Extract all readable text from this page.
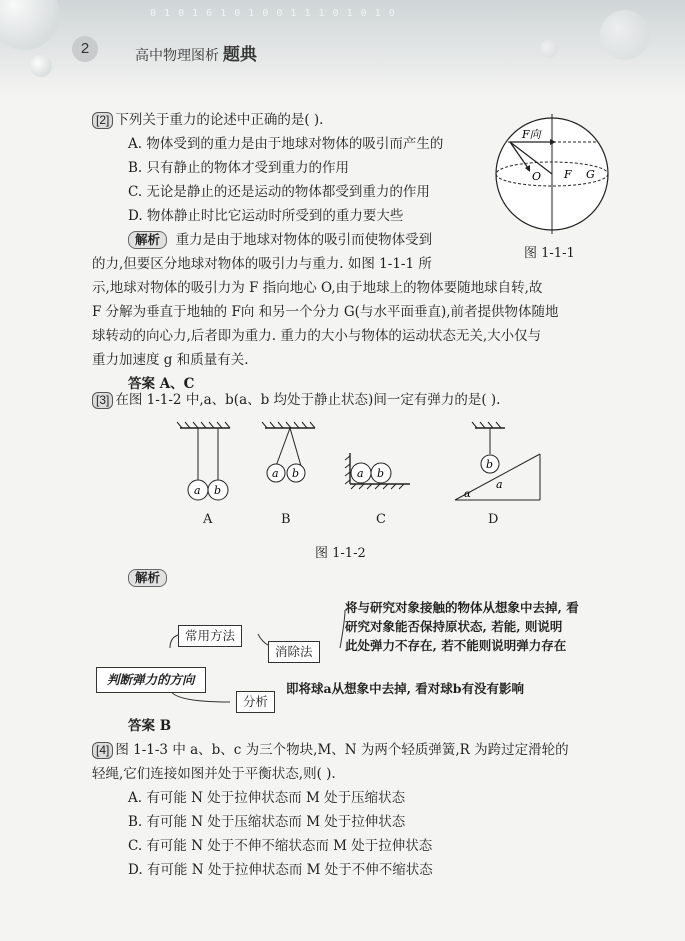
0 1 0 1 6 1 0 1 0 0 1 1 1 0 1 0 1 0
2	高中物理图析 题典
[2] 下列关于重力的论述中正确的是( ).
A. 物体受到的重力是由于地球对物体的吸引而产生的
B. 只有静止的物体才受到重力的作用
C. 无论是静止的还是运动的物体都受到重力的作用
D. 物体静止时比它运动时所受到的重力要大些
解析 重力是由于地球对物体的吸引而使物体受到
的力,但要区分地球对物体的吸引力与重力. 如图 1-1-1 所
示,地球对物体的吸引力为 F 指向地心 O,由于地球上的物体要随地球自转,故
F 分解为垂直于地轴的 F向 和另一个分力 G(与水平面垂直),前者提供物体随地
球转动的向心力,后者即为重力. 重力的大小与物体的运动状态无关,大小仅与
重力加速度 g 和质量有关.
答案 A、C
F向
O F G
图 1-1-1
[3] 在图 1-1-2 中,a、b(a、b 均处于静止状态)间一定有弹力的是( ).
a b
a b	a b
b
a
α
A	B	C	D
图 1-1-2
解析
常用方法
消除法
判断弹力的方向
分析
将与研究对象接触的物体从想象中去掉, 看
研究对象能否保持原状态, 若能, 则说明
此处弹力不存在, 若不能则说明弹力存在
即将球a从想象中去掉, 看对球b有没有影响
答案 B
[4] 图 1-1-3 中 a、b、c 为三个物块,M、N 为两个轻质弹簧,R 为跨过定滑轮的
轻绳,它们连接如图并处于平衡状态,则( ).
A. 有可能 N 处于拉伸状态而 M 处于压缩状态
B. 有可能 N 处于压缩状态而 M 处于拉伸状态
C. 有可能 N 处于不伸不缩状态而 M 处于拉伸状态
D. 有可能 N 处于拉伸状态而 M 处于不伸不缩状态
